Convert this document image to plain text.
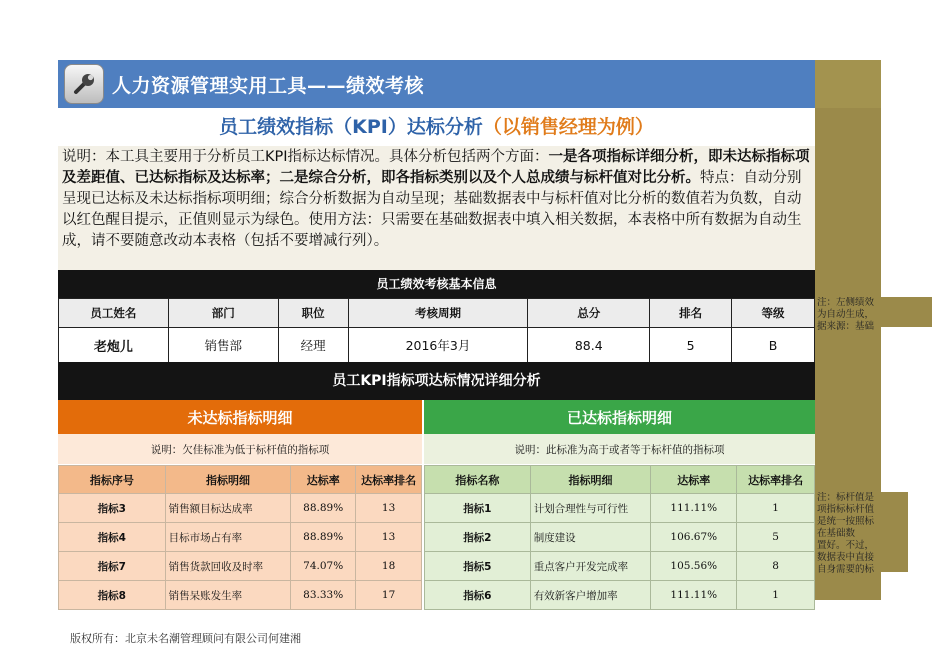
注：左侧绩效
为自动生成，
据来源：基础
注：标杆值是
项指标标杆值
是统一按照标
在基础数
置好。不过，
数据表中直接
自身需要的标
人力资源管理实用工具——绩效考核
员工绩效指标（KPI）达标分析（以销售经理为例）
说明：本工具主要用于分析员工KPI指标达标情况。具体分析包括两个方面：一是各项指标详细分析，即未达标指标项及差距值、已达标指标及达标率；二是综合分析，即各指标类别以及个人总成绩与标杆值对比分析。特点：自动分别呈现已达标及未达标指标项明细；综合分析数据为自动呈现；基础数据表中与标杆值对比分析的数值若为负数，自动以红色醒目提示，正值则显示为绿色。使用方法：只需要在基础数据表中填入相关数据，本表格中所有数据为自动生成，请不要随意改动本表格（包括不要增减行列）。
员工绩效考核基本信息
员工姓名	部门	职位	考核周期	总分	排名	等级
老炮儿	销售部	经理	2016年3月	88.4	5	B
员工KPI指标项达标情况详细分析
未达标指标明细
说明：欠佳标准为低于标杆值的指标项
指标序号	指标明细	达标率	达标率排名
指标3	销售额目标达成率	88.89%	13
指标4	目标市场占有率	88.89%	13
指标7	销售货款回收及时率	74.07%	18
指标8	销售呆账发生率	83.33%	17
已达标指标明细
说明：此标准为高于或者等于标杆值的指标项
指标名称	指标明细	达标率	达标率排名
指标1	计划合理性与可行性	111.11%	1
指标2	制度建设	106.67%	5
指标5	重点客户开发完成率	105.56%	8
指标6	有效新客户增加率	111.11%	1
版权所有：北京未名潮管理顾问有限公司何建湘
